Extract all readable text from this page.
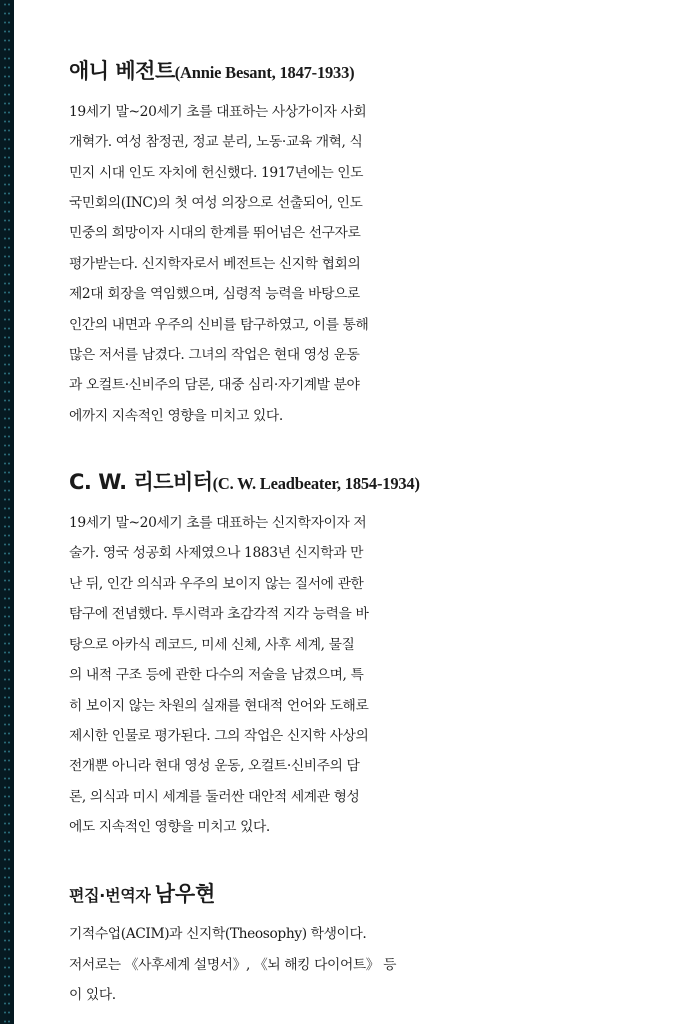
애니 베전트(Annie Besant, 1847-1933)

19세기 말~20세기 초를 대표하는 사상가이자 사회
개혁가. 여성 참정권, 정교 분리, 노동·교육 개혁, 식
민지 시대 인도 자치에 헌신했다. 1917년에는 인도
국민회의(INC)의 첫 여성 의장으로 선출되어, 인도
민중의 희망이자 시대의 한계를 뛰어넘은 선구자로
평가받는다. 신지학자로서 베전트는 신지학 협회의
제2대 회장을 역임했으며, 심령적 능력을 바탕으로
인간의 내면과 우주의 신비를 탐구하였고, 이를 통해
많은 저서를 남겼다. 그녀의 작업은 현대 영성 운동
과 오컬트·신비주의 담론, 대중 심리·자기계발 분야
에까지 지속적인 영향을 미치고 있다.

C. W. 리드비터(C. W. Leadbeater, 1854-1934)

19세기 말~20세기 초를 대표하는 신지학자이자 저
술가. 영국 성공회 사제였으나 1883년 신지학과 만
난 뒤, 인간 의식과 우주의 보이지 않는 질서에 관한
탐구에 전념했다. 투시력과 초감각적 지각 능력을 바
탕으로 아카식 레코드, 미세 신체, 사후 세계, 물질
의 내적 구조 등에 관한 다수의 저술을 남겼으며, 특
히 보이지 않는 차원의 실재를 현대적 언어와 도해로
제시한 인물로 평가된다. 그의 작업은 신지학 사상의
전개뿐 아니라 현대 영성 운동, 오컬트·신비주의 담
론, 의식과 미시 세계를 둘러싼 대안적 세계관 형성
에도 지속적인 영향을 미치고 있다.

편집·번역자 남우현

기적수업(ACIM)과 신지학(Theosophy) 학생이다.
저서로는 《사후세계 설명서》, 《뇌 해킹 다이어트》 등
이 있다.
